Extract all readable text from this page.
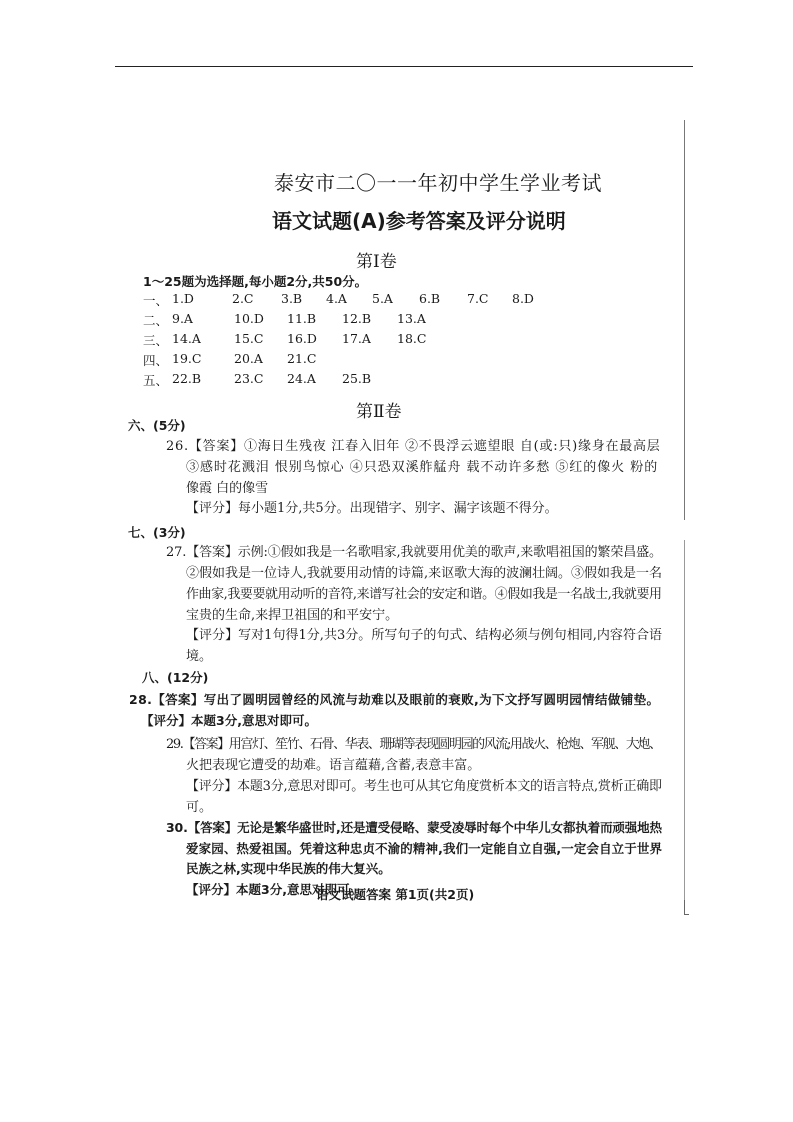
泰安市二〇一一年初中学生学业考试
语文试题(A)参考答案及评分说明
第Ⅰ卷
1～25题为选择题,每小题2分,共50分。
一、 1.D	2.C 3.B 4.A 5.A 6.B 7.C 8.D
二、 9.A	10.D 11.B 12.B 13.A
三、 14.A	15.C 16.D 17.A 18.C
四、 19.C	20.A 21.C
五、 22.B	23.C 24.A 25.B
第Ⅱ卷
六、(5分)
26.【答案】①海日生残夜 江春入旧年 ②不畏浮云遮望眼 自(或:只)缘身在最高层
③感时花溅泪 恨别鸟惊心 ④只恐双溪舴艋舟 载不动许多愁 ⑤红的像火 粉的
像霞 白的像雪
【评分】每小题1分,共5分。出现错字、别字、漏字该题不得分。
七、(3分)
27.【答案】示例:①假如我是一名歌唱家,我就要用优美的歌声,来歌唱祖国的繁荣昌盛。
②假如我是一位诗人,我就要用动情的诗篇,来讴歌大海的波澜壮阔。③假如我是一名
作曲家,我要要就用动听的音符,来谱写社会的安定和谐。④假如我是一名战士,我就要用
宝贵的生命,来捍卫祖国的和平安宁。
【评分】写对1句得1分,共3分。所写句子的句式、结构必须与例句相同,内容符合语
境。
八、(12分)
28.【答案】写出了圆明园曾经的风流与劫难以及眼前的衰败,为下文抒写圆明园情结做铺垫。
【评分】本题3分,意思对即可。
29.【答案】用宫灯、笙竹、石骨、华表、珊瑚等表现圆明园的风流;用战火、枪炮、军舰、大炮、
火把表现它遭受的劫难。语言蕴藉,含蓄,表意丰富。
【评分】本题3分,意思对即可。考生也可从其它角度赏析本文的语言特点,赏析正确即
可。
30.【答案】无论是繁华盛世时,还是遭受侵略、蒙受凌辱时每个中华儿女都执着而顽强地热
爱家园、热爱祖国。凭着这种忠贞不渝的精神,我们一定能自立自强,一定会自立于世界
民族之林,实现中华民族的伟大复兴。
【评分】本题3分,意思对即可。
语文试题答案 第1页(共2页)
